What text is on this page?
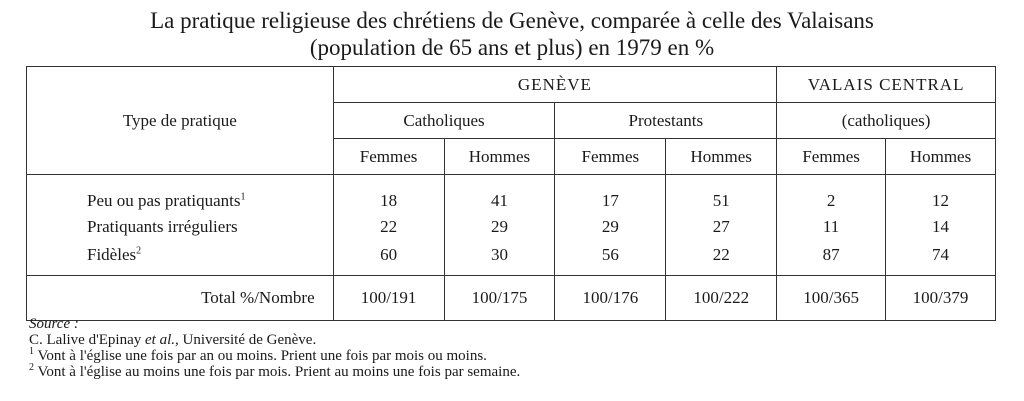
La pratique religieuse des chrétiens de Genève, comparée à celle des Valaisans
(population de 65 ans et plus) en 1979 en %
Type de pratique	GENÈVE				VALAIS CENTRAL	
	Catholiques		Protestants		(catholiques)	
	Femmes	Hommes	Femmes	Hommes	Femmes	Hommes
Peu ou pas pratiquants$^1$	18	41	17	51	2	12
Pratiquants irréguliers	22	29	29	27	11	14
Fidèles$^2$	60	30	56	22	87	74
Total %/Nombre	100/191	100/175	100/176	100/222	100/365	100/379
Source :
C. Lalive d'Epinay et al., Université de Genève.
$^1$ Vont à l'église une fois par an ou moins. Prient une fois par mois ou moins.
$^2$ Vont à l'église au moins une fois par mois. Prient au moins une fois par semaine.
